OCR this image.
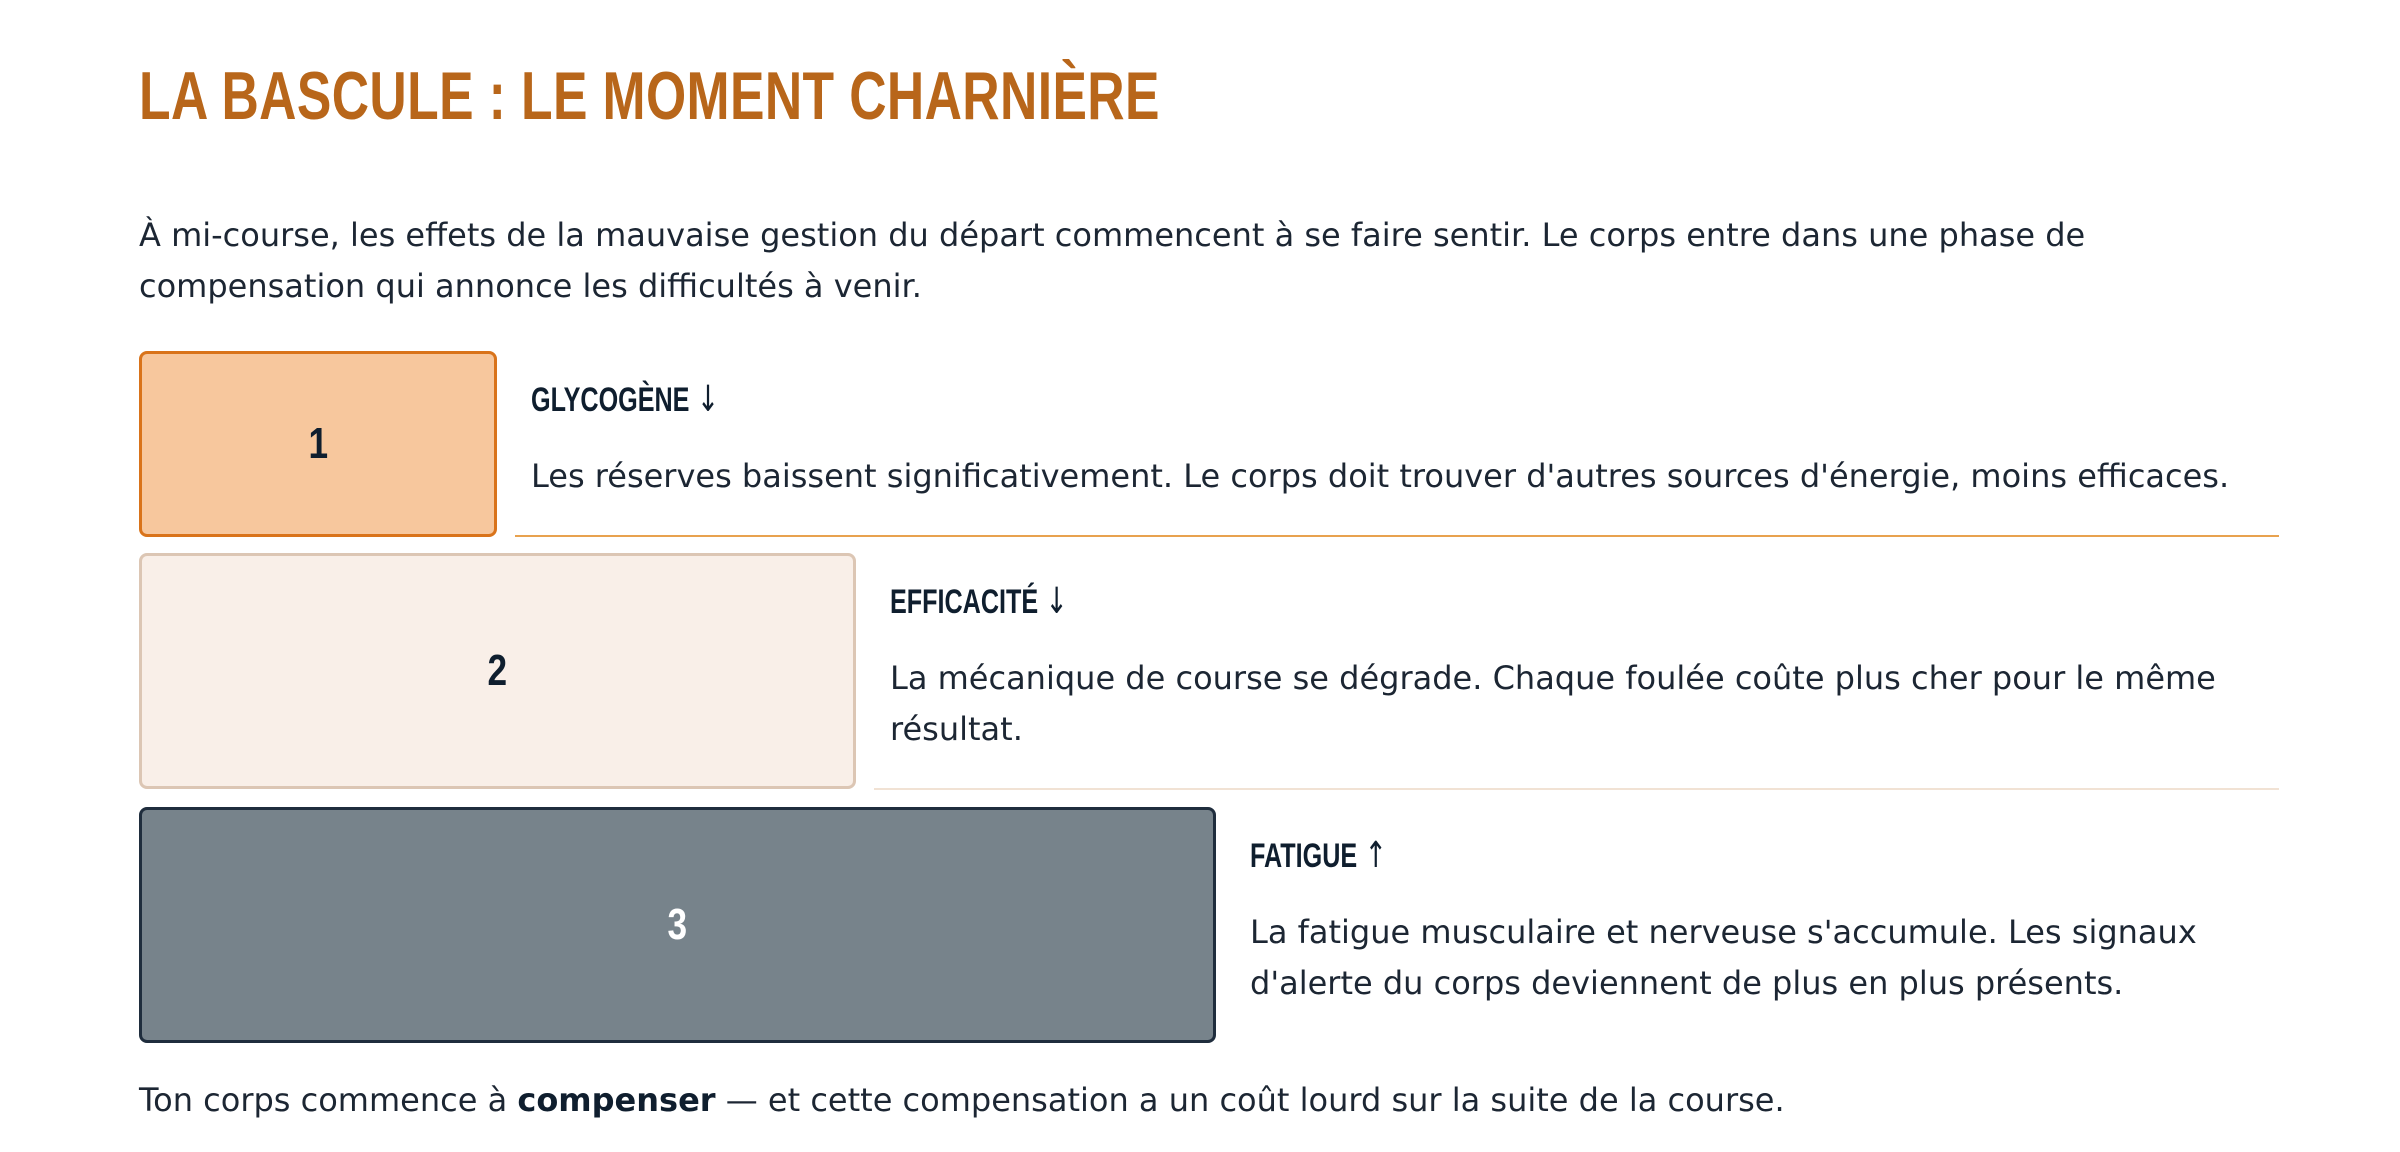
LA BASCULE : LE MOMENT CHARNIÈRE

À mi-course, les effets de la mauvaise gestion du départ commencent à se faire sentir. Le corps entre dans une phase de compensation qui annonce les difficultés à venir.

1
GLYCOGÈNE ↓

Les réserves baissent significativement. Le corps doit trouver d'autres sources d'énergie, moins efficaces.

2
EFFICACITÉ ↓

La mécanique de course se dégrade. Chaque foulée coûte plus cher pour le même résultat.

3
FATIGUE ↑

La fatigue musculaire et nerveuse s'accumule. Les signaux d'alerte du corps deviennent de plus en plus présents.

Ton corps commence à compenser — et cette compensation a un coût lourd sur la suite de la course.
